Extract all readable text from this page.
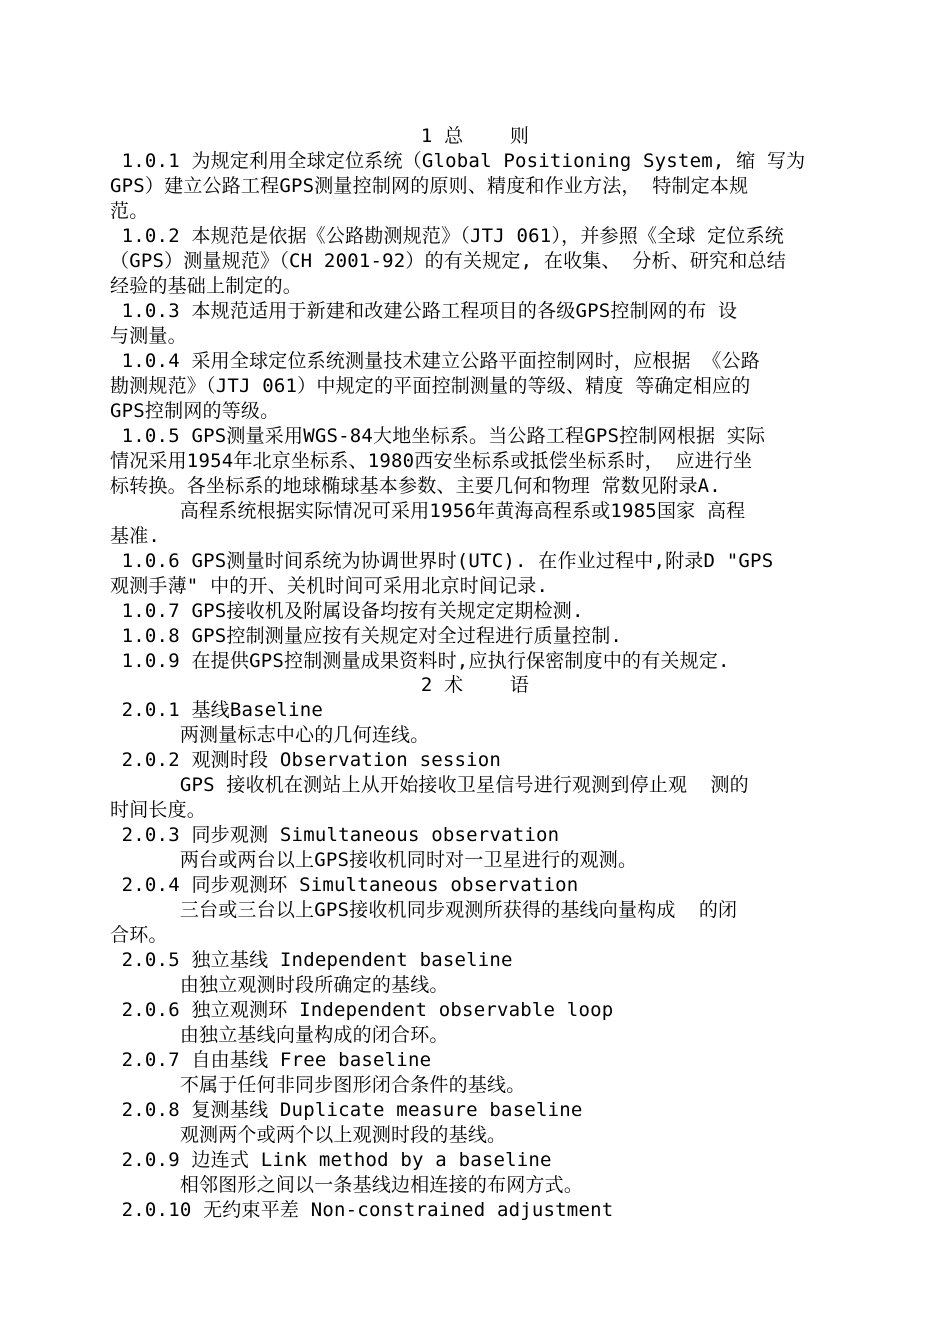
1 总    则

1.0.1 为规定利用全球定位系统（Global Positioning System, 缩 写为

GPS）建立公路工程GPS测量控制网的原则、精度和作业方法， 特制定本规

范。

1.0.2 本规范是依据《公路勘测规范》（JTJ 061），并参照《全球 定位系统

（GPS）测量规范》（CH 2001-92）的有关规定, 在收集、 分析、研究和总结

经验的基础上制定的。

1.0.3 本规范适用于新建和改建公路工程项目的各级GPS控制网的布 设

与测量。

1.0.4 采用全球定位系统测量技术建立公路平面控制网时，应根据 《公路

勘测规范》（JTJ 061）中规定的平面控制测量的等级、精度 等确定相应的

GPS控制网的等级。

1.0.5 GPS测量采用WGS-84大地坐标系。当公路工程GPS控制网根据 实际

情况采用1954年北京坐标系、1980西安坐标系或抵偿坐标系时， 应进行坐

标转换。各坐标系的地球椭球基本参数、主要几何和物理 常数见附录A.

高程系统根据实际情况可采用1956年黄海高程系或1985国家 高程

基准.

1.0.6 GPS测量时间系统为协调世界时(UTC). 在作业过程中,附录D "GPS

观测手薄" 中的开、关机时间可采用北京时间记录.

1.0.7 GPS接收机及附属设备均按有关规定定期检测.

1.0.8 GPS控制测量应按有关规定对全过程进行质量控制.

1.0.9 在提供GPS控制测量成果资料时,应执行保密制度中的有关规定.

2 术    语

2.0.1 基线Baseline

两测量标志中心的几何连线。

2.0.2 观测时段 Observation session

GPS 接收机在测站上从开始接收卫星信号进行观测到停止观  测的

时间长度。

2.0.3 同步观测 Simultaneous observation

两台或两台以上GPS接收机同时对一卫星进行的观测。

2.0.4 同步观测环 Simultaneous observation

三台或三台以上GPS接收机同步观测所获得的基线向量构成  的闭

合环。

2.0.5 独立基线 Independent baseline

由独立观测时段所确定的基线。

2.0.6 独立观测环 Independent observable loop

由独立基线向量构成的闭合环。

2.0.7 自由基线 Free baseline

不属于任何非同步图形闭合条件的基线。

2.0.8 复测基线 Duplicate measure baseline

观测两个或两个以上观测时段的基线。

2.0.9 边连式 Link method by a baseline

相邻图形之间以一条基线边相连接的布网方式。

2.0.10 无约束平差 Non-constrained adjustment
